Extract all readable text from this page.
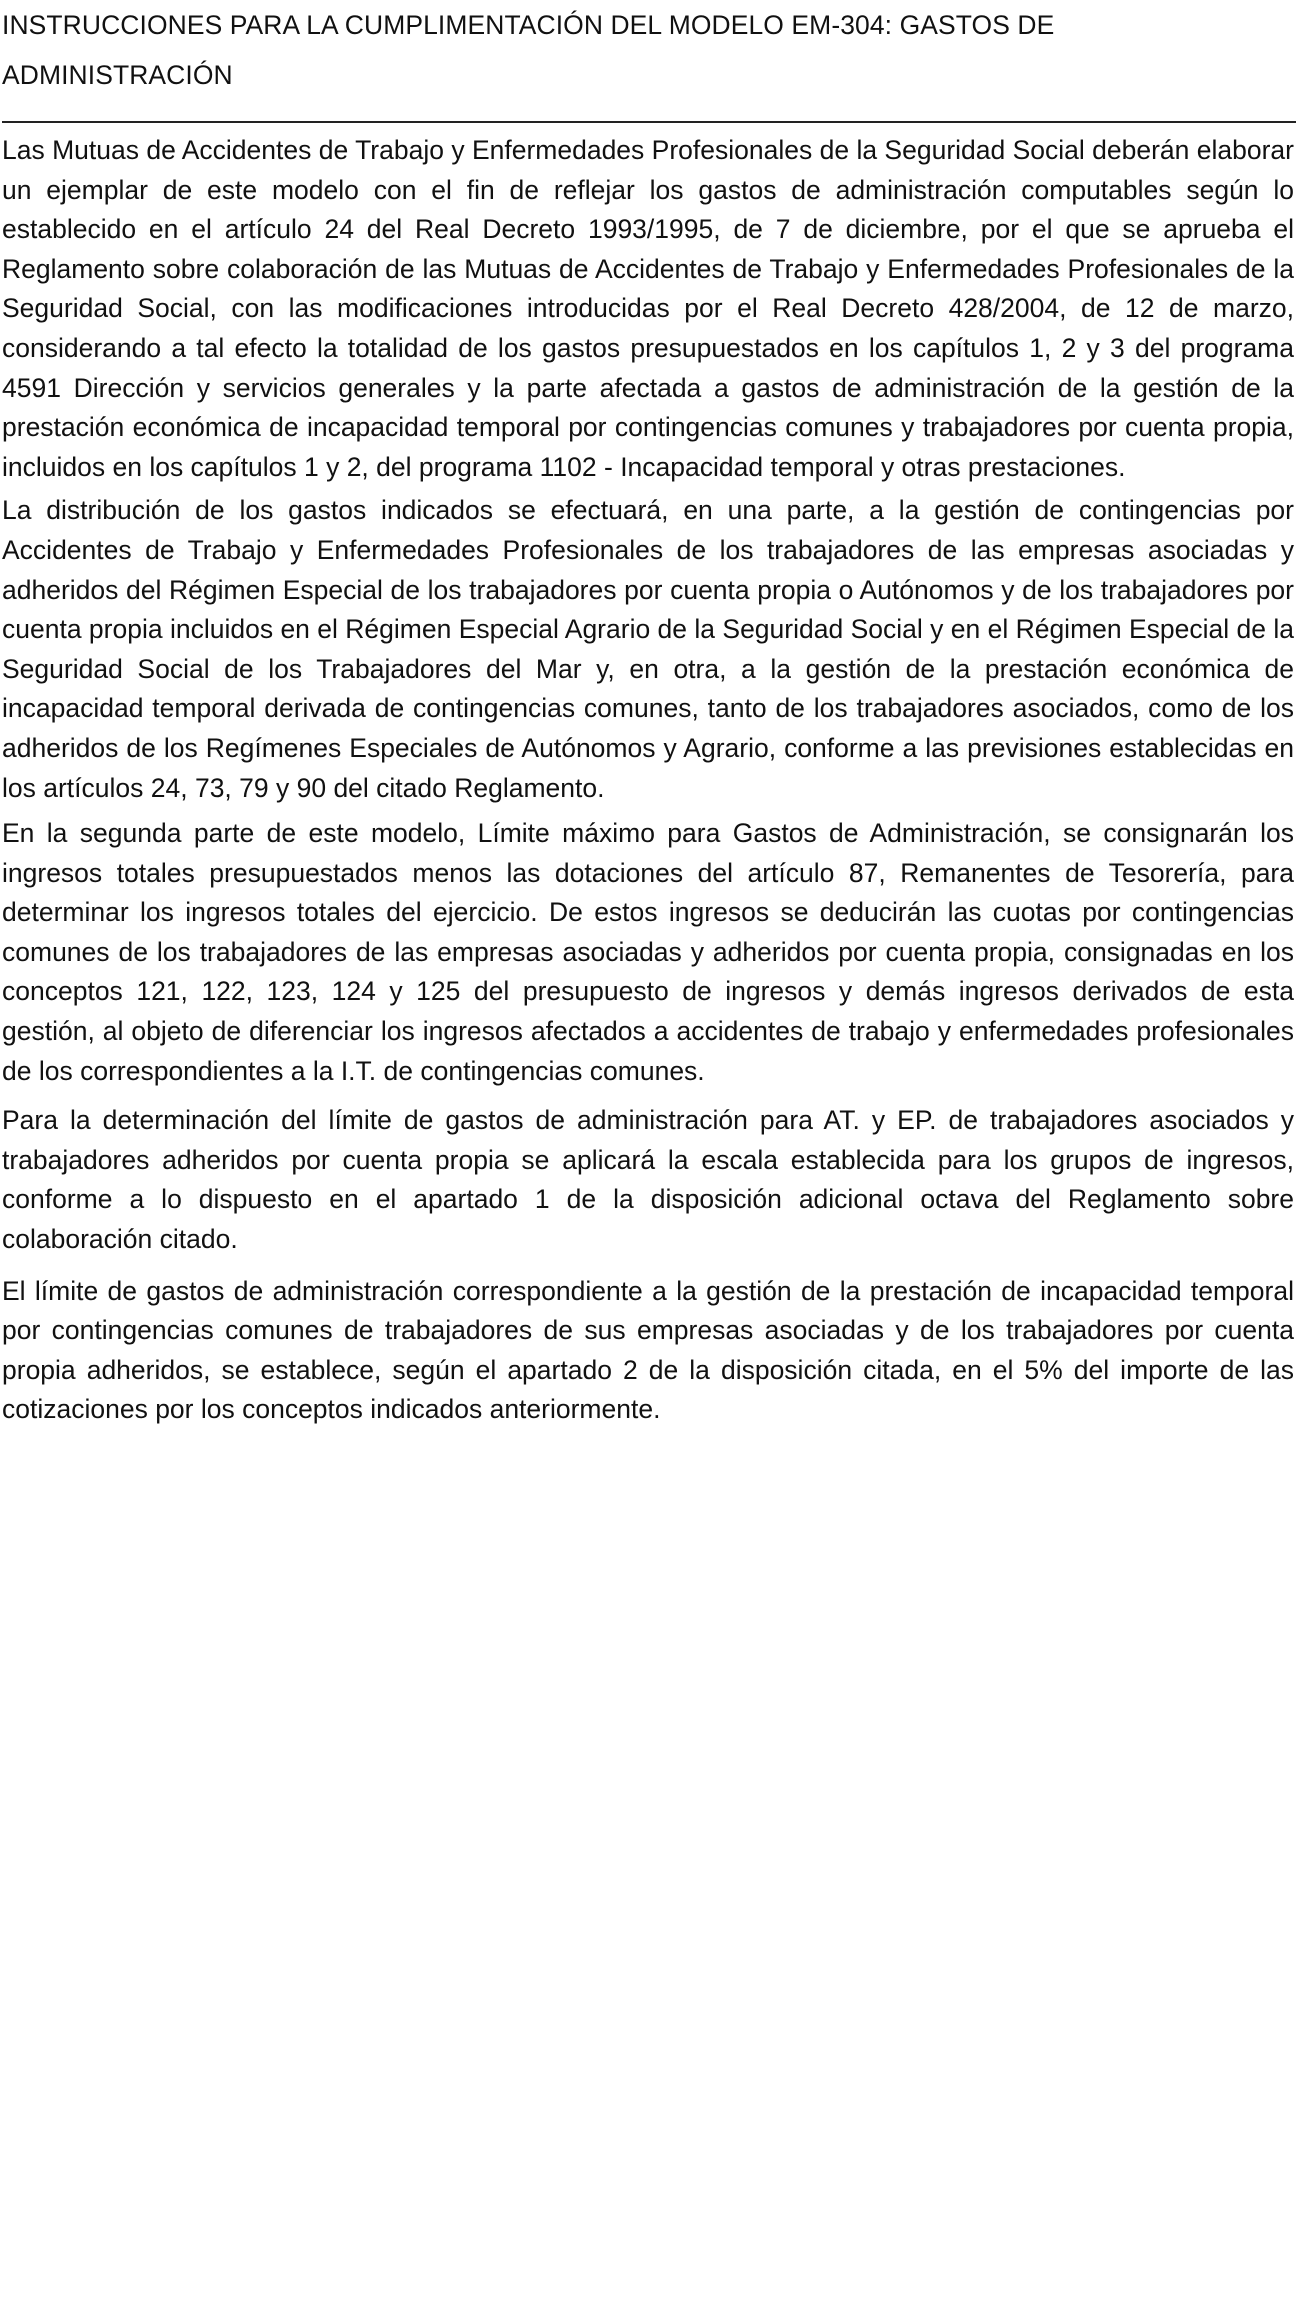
INSTRUCCIONES PARA LA CUMPLIMENTACIÓN DEL MODELO EM-304: GASTOS DE ADMINISTRACIÓN

Las Mutuas de Accidentes de Trabajo y Enfermedades Profesionales de la Seguridad Social deberán elaborar un ejemplar de este modelo con el fin de reflejar los gastos de administración computables según lo establecido en el artículo 24 del Real Decreto 1993/1995, de 7 de diciembre, por el que se aprueba el Reglamento sobre colaboración de las Mutuas de Accidentes de Trabajo y Enfermedades Profesionales de la Seguridad Social, con las modificaciones introducidas por el Real Decreto 428/2004, de 12 de marzo, considerando a tal efecto la totalidad de los gastos presupuestados en los capítulos 1, 2 y 3 del programa 4591 Dirección y servicios generales y la parte afectada a gastos de administración de la gestión de la prestación económica de incapacidad temporal por contingencias comunes y trabajadores por cuenta propia, incluidos en los capítulos 1 y 2, del programa 1102 - Incapacidad temporal y otras prestaciones.

La distribución de los gastos indicados se efectuará, en una parte, a la gestión de contingencias por Accidentes de Trabajo y Enfermedades Profesionales de los trabajadores de las empresas asociadas y adheridos del Régimen Especial de los trabajadores por cuenta propia o Autónomos y de los trabajadores por cuenta propia incluidos en el Régimen Especial Agrario de la Seguridad Social y en el Régimen Especial de la Seguridad Social de los Trabajadores del Mar y, en otra, a la gestión de la prestación económica de incapacidad temporal derivada de contingencias comunes, tanto de los trabajadores asociados, como de los adheridos de los Regímenes Especiales de Autónomos y Agrario, conforme a las previsiones establecidas en los artículos 24, 73, 79 y 90 del citado Reglamento.

En la segunda parte de este modelo, Límite máximo para Gastos de Administración, se consignarán los ingresos totales presupuestados menos las dotaciones del artículo 87, Remanentes de Tesorería, para determinar los ingresos totales del ejercicio. De estos ingresos se deducirán las cuotas por contingencias comunes de los trabajadores de las empresas asociadas y adheridos por cuenta propia, consignadas en los conceptos 121, 122, 123, 124 y 125 del presupuesto de ingresos y demás ingresos derivados de esta gestión, al objeto de diferenciar los ingresos afectados a accidentes de trabajo y enfermedades profesionales de los correspondientes a la I.T. de contingencias comunes.

Para la determinación del límite de gastos de administración para AT. y EP. de trabajadores asociados y trabajadores adheridos por cuenta propia se aplicará la escala establecida para los grupos de ingresos, conforme a lo dispuesto en el apartado 1 de la disposición adicional octava del Reglamento sobre colaboración citado.

El límite de gastos de administración correspondiente a la gestión de la prestación de incapacidad temporal por contingencias comunes de trabajadores de sus empresas asociadas y de los trabajadores por cuenta propia adheridos, se establece, según el apartado 2 de la disposición citada, en el 5% del importe de las cotizaciones por los conceptos indicados anteriormente.
